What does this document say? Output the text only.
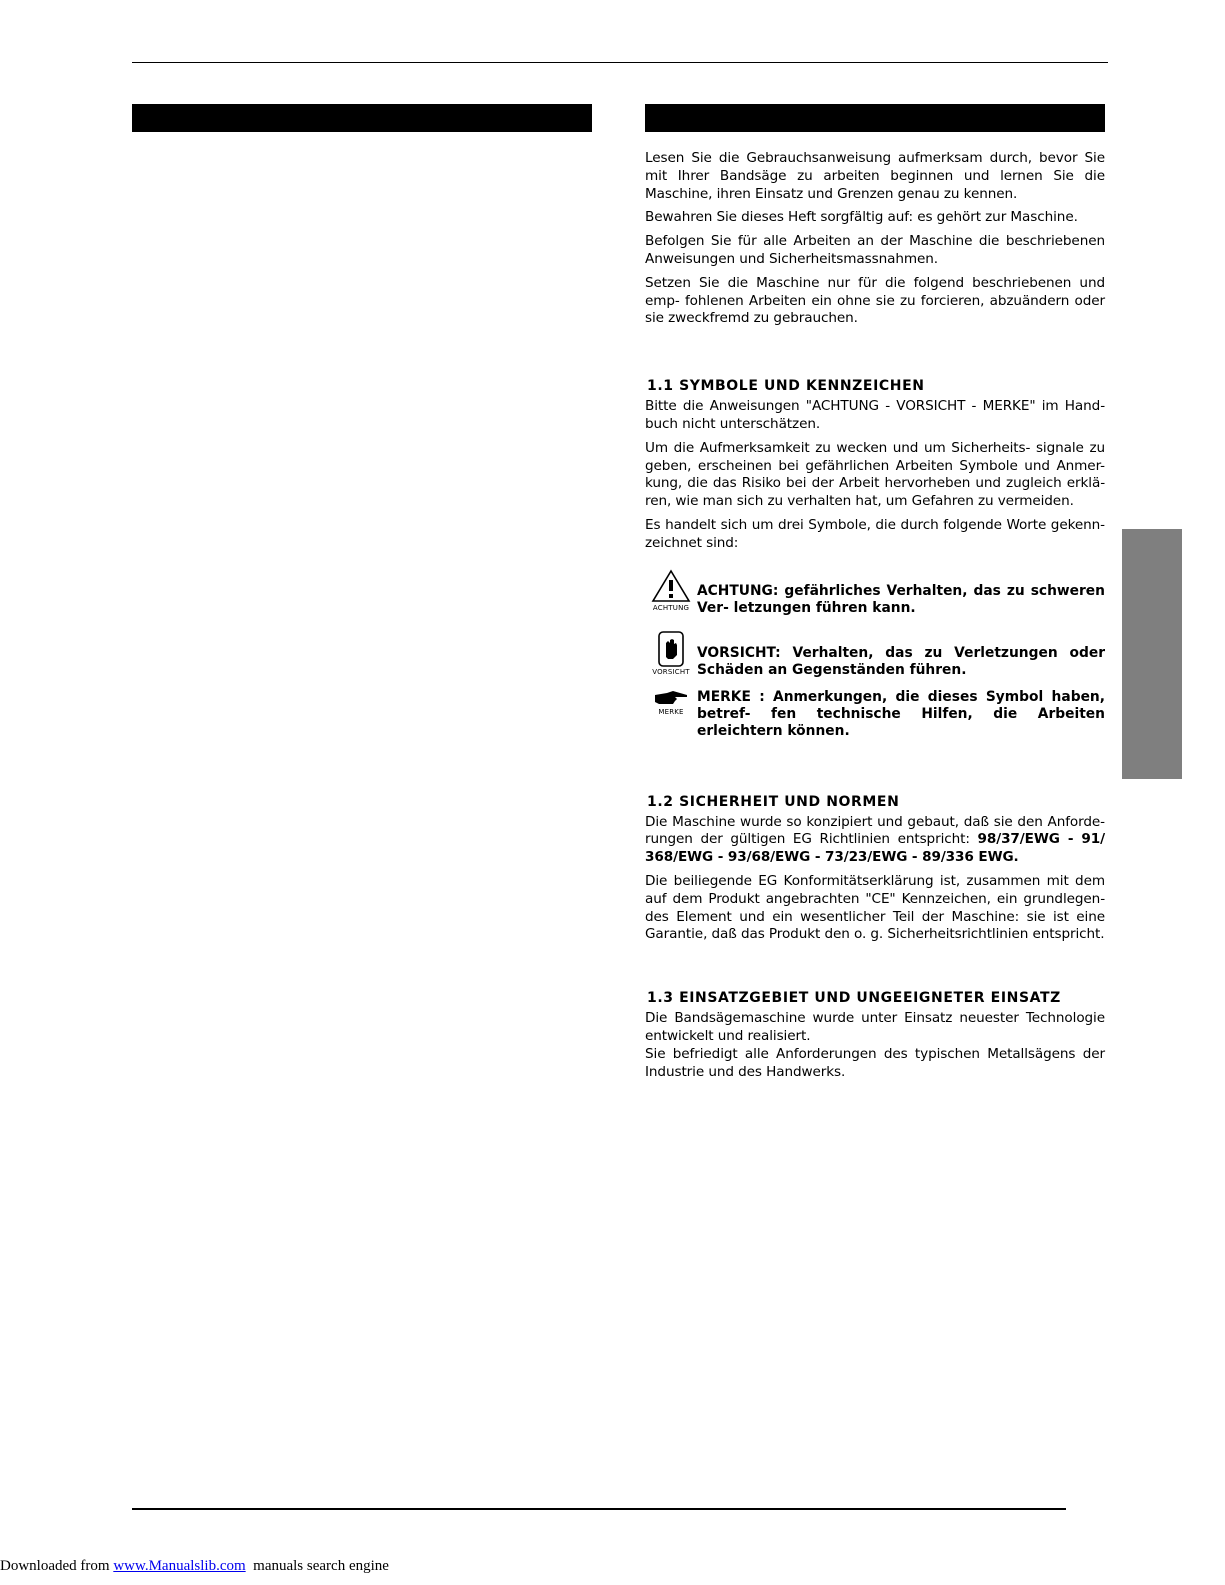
Lesen Sie die Gebrauchsanweisung aufmerksam durch, bevor Sie mit Ihrer Bandsäge zu arbeiten beginnen und lernen Sie die Maschine, ihren Einsatz und Grenzen genau zu kennen.

Bewahren Sie dieses Heft sorgfältig auf: es gehört zur Maschine.

Befolgen Sie für alle Arbeiten an der Maschine die beschriebenen Anweisungen und Sicherheitsmassnahmen.

Setzen Sie die Maschine nur für die folgend beschriebenen und emp- fohlenen Arbeiten ein ohne sie zu forcieren, abzuändern oder sie zweckfremd zu gebrauchen.

1.1 SYMBOLE UND KENNZEICHEN

Bitte die Anweisungen "ACHTUNG - VORSICHT - MERKE" im Hand- buch nicht unterschätzen.

Um die Aufmerksamkeit zu wecken und um Sicherheits- signale zu geben, erscheinen bei gefährlichen Arbeiten Symbole und Anmer- kung, die das Risiko bei der Arbeit hervorheben und zugleich erklä- ren, wie man sich zu verhalten hat, um Gefahren zu vermeiden.

Es handelt sich um drei Symbole, die durch folgende Worte gekenn- zeichnet sind:

ACHTUNG
ACHTUNG: gefährliches Verhalten, das zu schweren Ver- letzungen führen kann.
VORSICHT
VORSICHT: Verhalten, das zu Verletzungen oder Schäden an Gegenständen führen.
MERKE
MERKE : Anmerkungen, die dieses Symbol haben, betref- fen technische Hilfen, die Arbeiten erleichtern können.
1.2 SICHERHEIT UND NORMEN

Die Maschine wurde so konzipiert und gebaut, daß sie den Anforde- rungen der gültigen EG Richtlinien entspricht: 98/37/EWG - 91/ 368/EWG - 93/68/EWG - 73/23/EWG - 89/336 EWG.

Die beiliegende EG Konformitätserklärung ist, zusammen mit dem auf dem Produkt angebrachten "CE" Kennzeichen, ein grundlegen- des Element und ein wesentlicher Teil der Maschine: sie ist eine Garantie, daß das Produkt den o. g. Sicherheitsrichtlinien entspricht.

1.3 EINSATZGEBIET UND UNGEEIGNETER EINSATZ

Die Bandsägemaschine wurde unter Einsatz neuester Technologie entwickelt und realisiert.

Sie befriedigt alle Anforderungen des typischen Metallsägens der Industrie und des Handwerks.

Downloaded from www.Manualslib.com  manuals search engine
